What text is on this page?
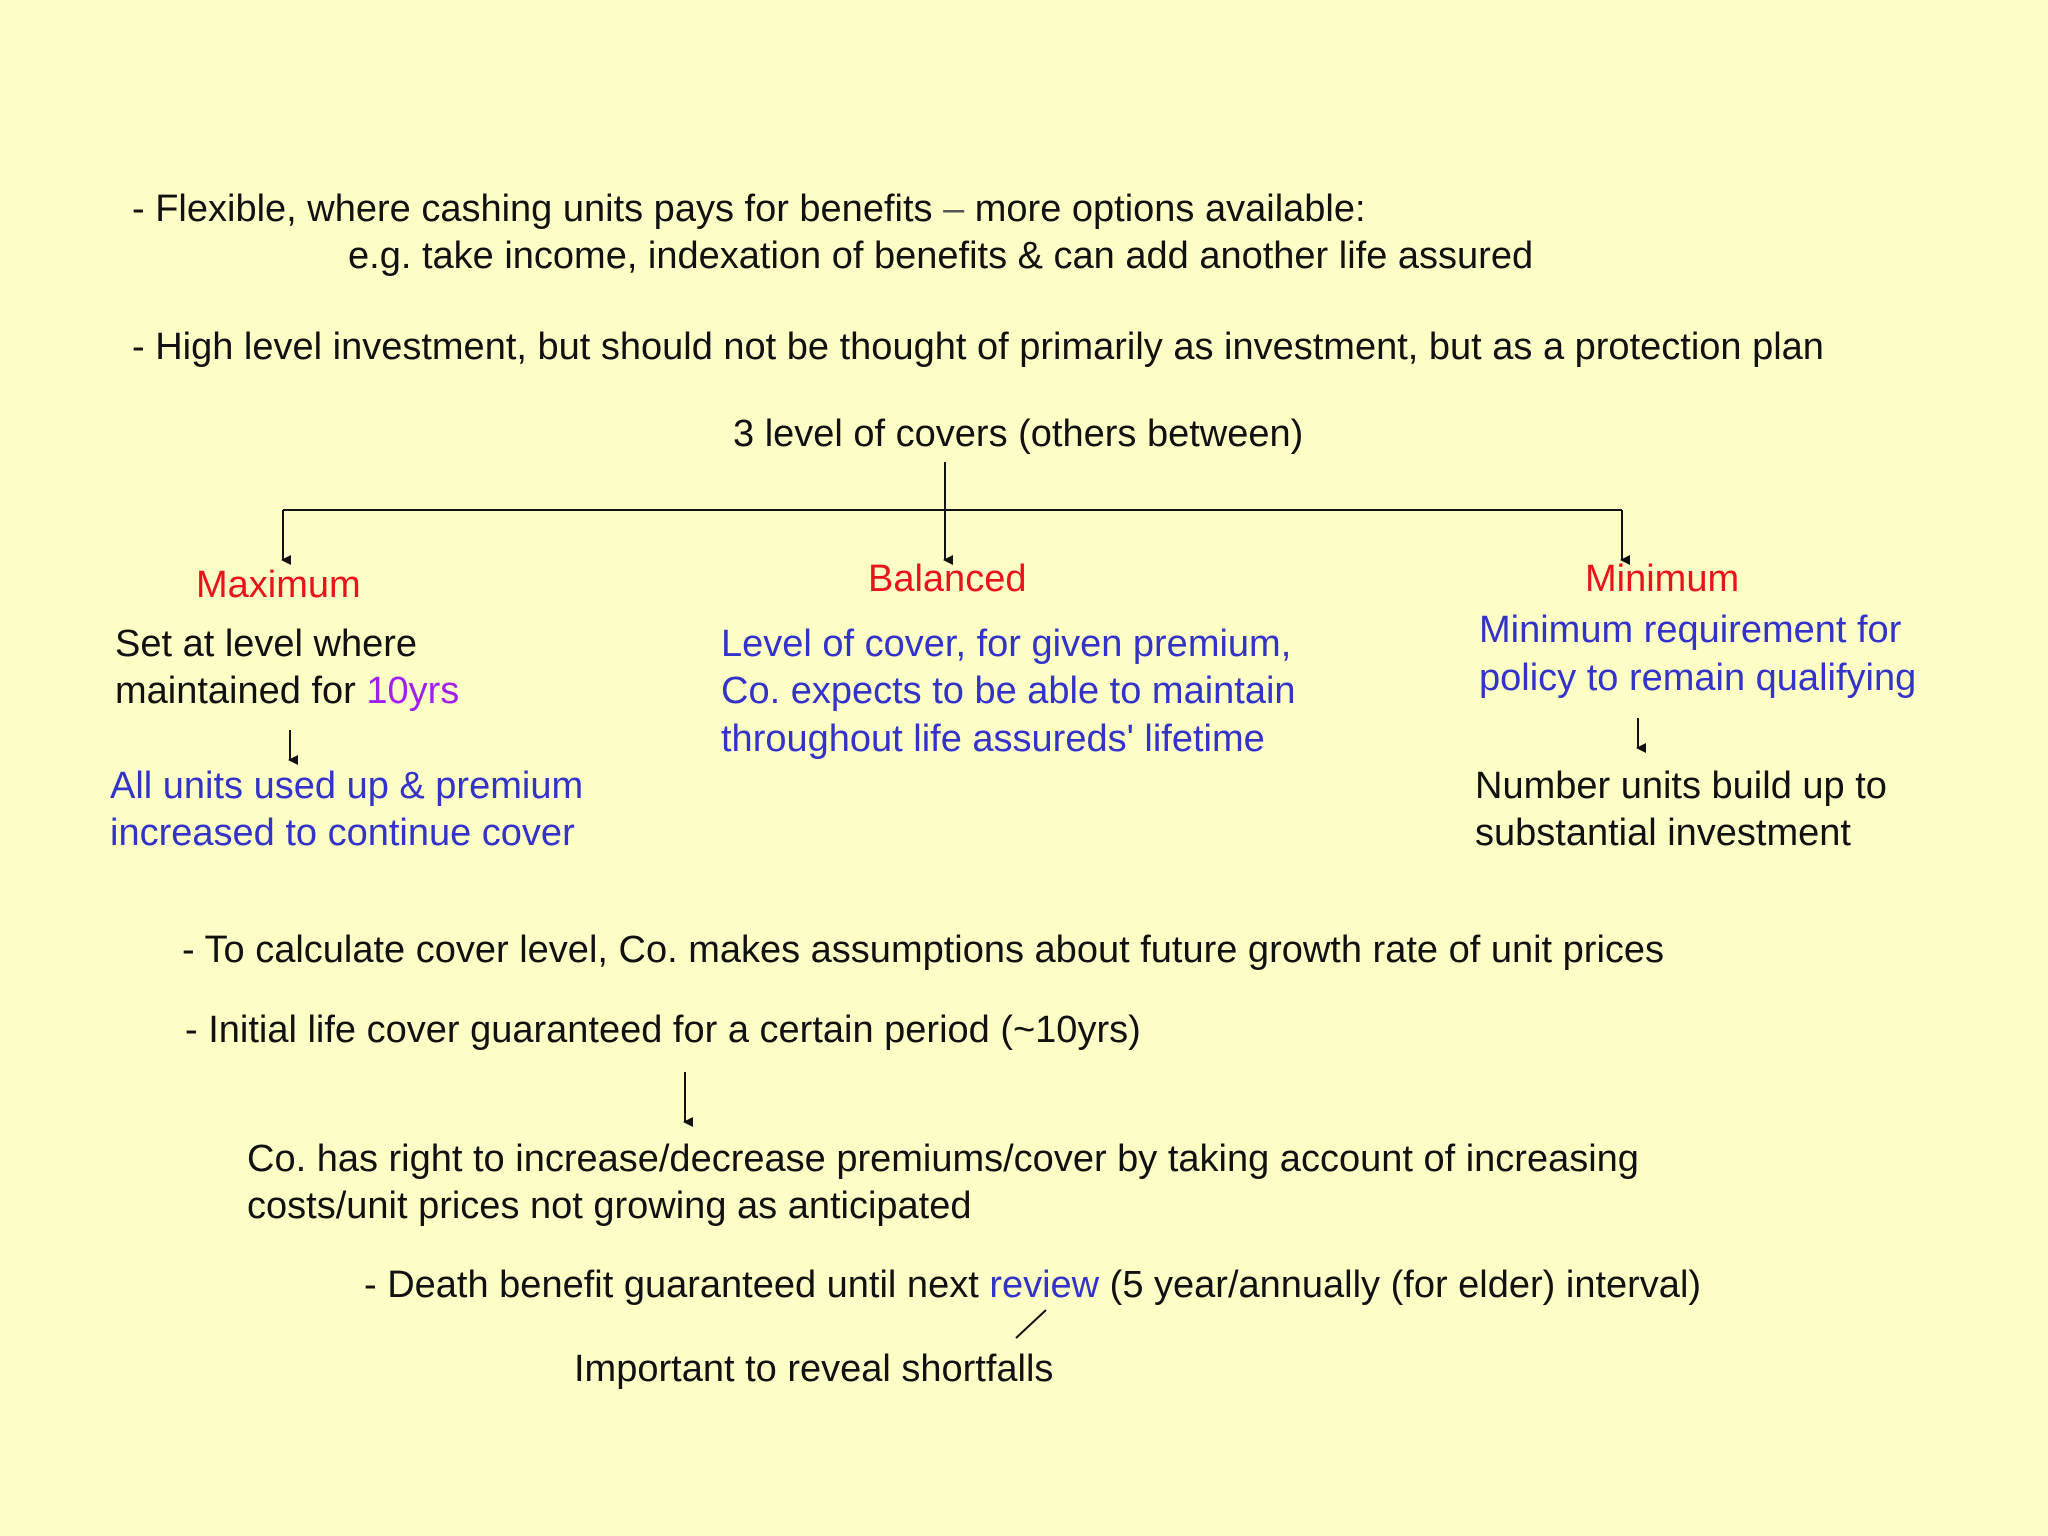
- Flexible, where cashing units pays for benefits – more options available:
e.g. take income, indexation of benefits & can add another life assured
- High level investment, but should not be thought of primarily as investment, but as a protection plan
3 level of covers (others between)
Maximum
Set at level where
maintained for 10yrs
All units used up & premium
increased to continue cover
Balanced
Level of cover, for given premium,
Co. expects to be able to maintain
throughout life assureds' lifetime
Minimum
Minimum requirement for
policy to remain qualifying
Number units build up to
substantial investment
- To calculate cover level, Co. makes assumptions about future growth rate of unit prices
- Initial life cover guaranteed for a certain period (~10yrs)
Co. has right to increase/decrease premiums/cover by taking account of increasing
costs/unit prices not growing as anticipated
- Death benefit guaranteed until next review (5 year/annually (for elder) interval)
Important to reveal shortfalls
